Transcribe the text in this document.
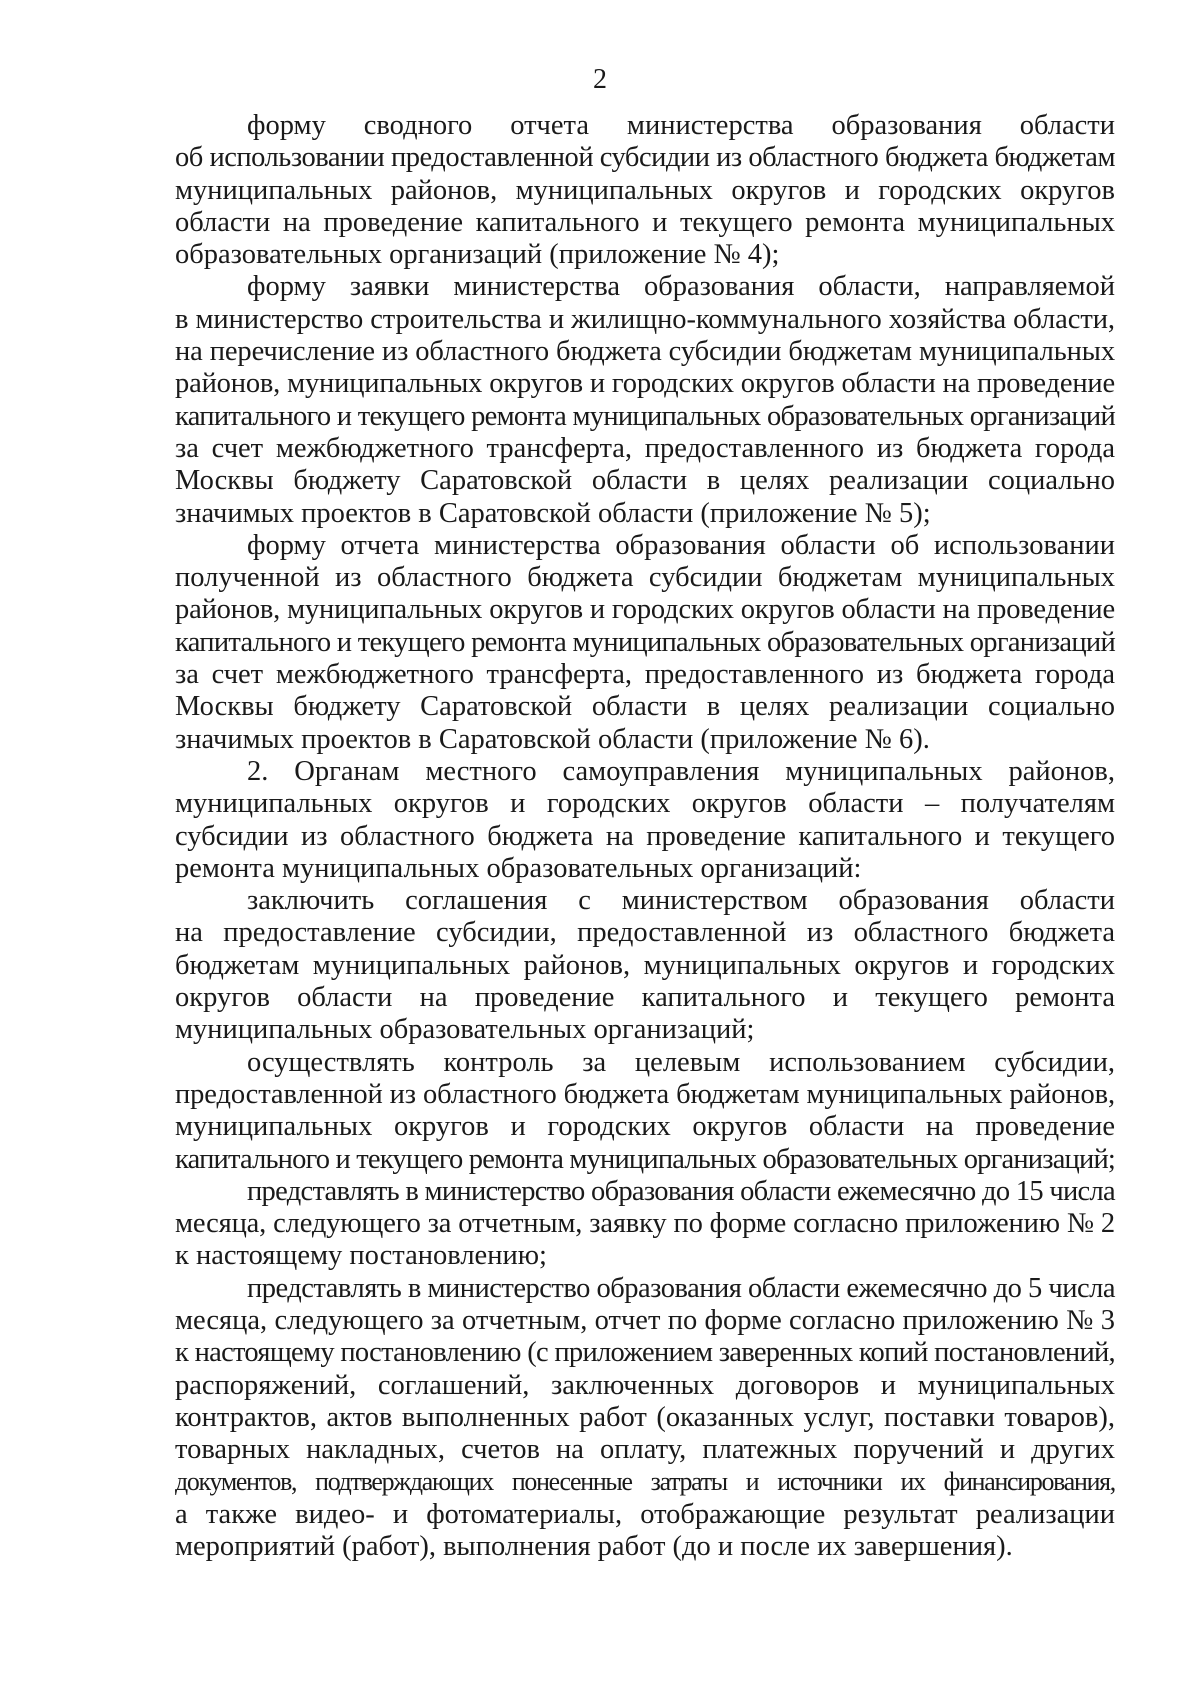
2
форму сводного отчета министерства образования области
об использовании предоставленной субсидии из областного бюджета бюджетам
муниципальных районов, муниципальных округов и городских округов
области на проведение капитального и текущего ремонта муниципальных
образовательных организаций (приложение № 4);
форму заявки министерства образования области, направляемой
в министерство строительства и жилищно-коммунального хозяйства области,
на перечисление из областного бюджета субсидии бюджетам муниципальных
районов, муниципальных округов и городских округов области на проведение
капитального и текущего ремонта муниципальных образовательных организаций
за счет межбюджетного трансферта, предоставленного из бюджета города
Москвы бюджету Саратовской области в целях реализации социально
значимых проектов в Саратовской области (приложение № 5);
форму отчета министерства образования области об использовании
полученной из областного бюджета субсидии бюджетам муниципальных
районов, муниципальных округов и городских округов области на проведение
капитального и текущего ремонта муниципальных образовательных организаций
за счет межбюджетного трансферта, предоставленного из бюджета города
Москвы бюджету Саратовской области в целях реализации социально
значимых проектов в Саратовской области (приложение № 6).
2. Органам местного самоуправления муниципальных районов,
муниципальных округов и городских округов области – получателям
субсидии из областного бюджета на проведение капитального и текущего
ремонта муниципальных образовательных организаций:
заключить соглашения с министерством образования области
на предоставление субсидии, предоставленной из областного бюджета
бюджетам муниципальных районов, муниципальных округов и городских
округов области на проведение капитального и текущего ремонта
муниципальных образовательных организаций;
осуществлять контроль за целевым использованием субсидии,
предоставленной из областного бюджета бюджетам муниципальных районов,
муниципальных округов и городских округов области на проведение
капитального и текущего ремонта муниципальных образовательных организаций;
представлять в министерство образования области ежемесячно до 15 числа
месяца, следующего за отчетным, заявку по форме согласно приложению № 2
к настоящему постановлению;
представлять в министерство образования области ежемесячно до 5 числа
месяца, следующего за отчетным, отчет по форме согласно приложению № 3
к настоящему постановлению (с приложением заверенных копий постановлений,
распоряжений, соглашений, заключенных договоров и муниципальных
контрактов, актов выполненных работ (оказанных услуг, поставки товаров),
товарных накладных, счетов на оплату, платежных поручений и других
документов, подтверждающих понесенные затраты и источники их финансирования,
а также видео- и фотоматериалы, отображающие результат реализации
мероприятий (работ), выполнения работ (до и после их завершения).
